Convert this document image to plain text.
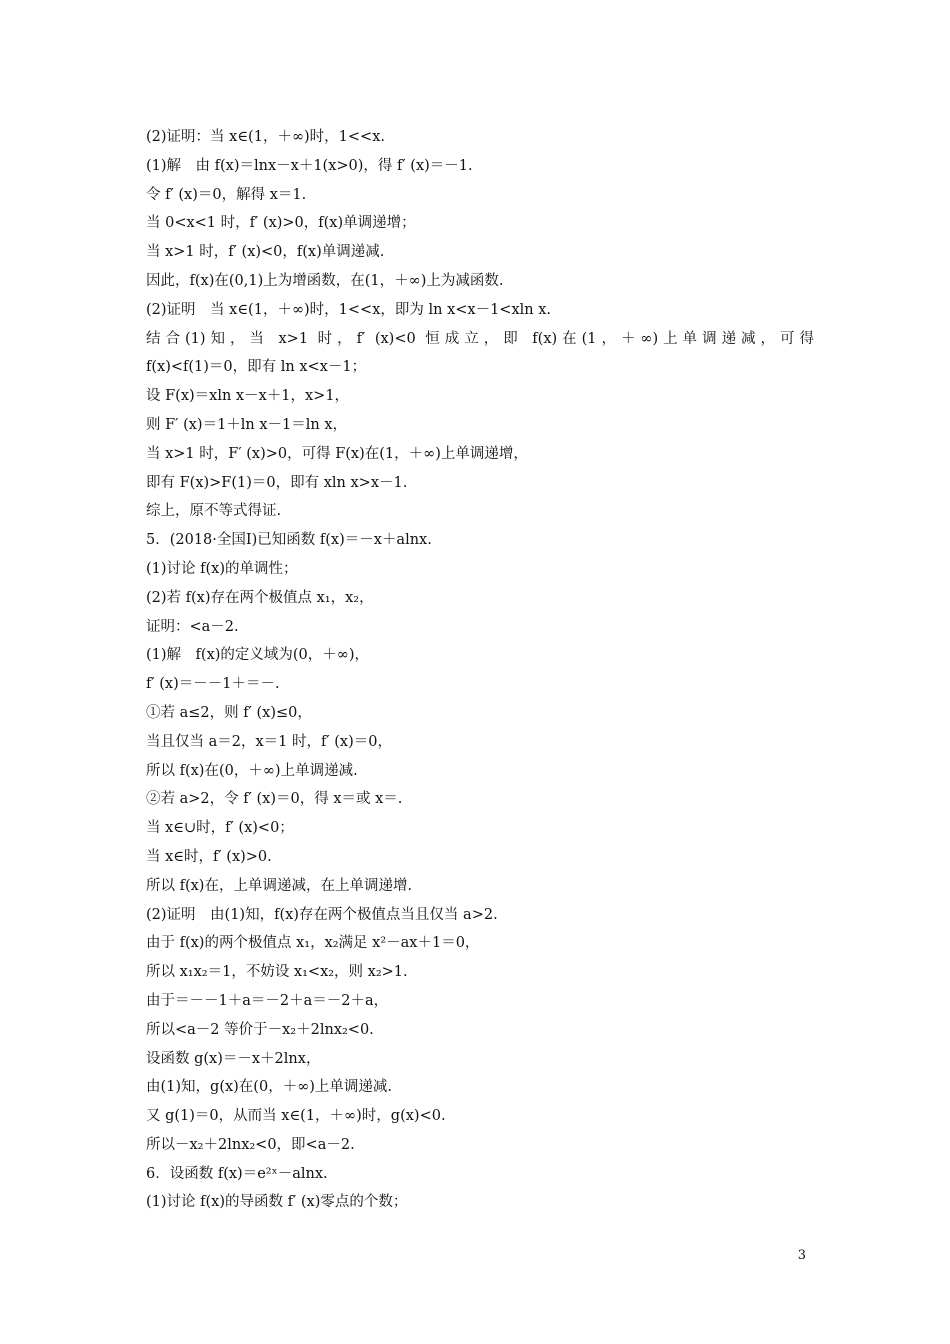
(2)证明：当 x∈(1，＋∞)时，1<<x.
(1)解　由 f(x)＝lnx－x＋1(x>0)，得 f′ (x)＝－1.
令 f′ (x)＝0，解得 x＝1.
当 0<x<1 时，f′ (x)>0，f(x)单调递增；
当 x>1 时，f′ (x)<0，f(x)单调递减.
因此，f(x)在(0,1)上为增函数，在(1，＋∞)上为减函数.
(2)证明　当 x∈(1，＋∞)时，1<<x，即为 ln x<x－1<xln x.
结合(1)知，当 x>1 时，f′ (x)<0 恒成立，即 f(x)在(1，＋∞)上单调递减，可得
f(x)<f(1)＝0，即有 ln x<x－1；
设 F(x)＝xln x－x＋1，x>1，
则 F′ (x)＝1＋ln x－1＝ln x，
当 x>1 时，F′ (x)>0，可得 F(x)在(1，＋∞)上单调递增，
即有 F(x)>F(1)＝0，即有 xln x>x－1.
综上，原不等式得证.
5．(2018·全国Ⅰ)已知函数 f(x)＝－x＋alnx.
(1)讨论 f(x)的单调性；
(2)若 f(x)存在两个极值点 x₁，x₂，
证明：<a－2.
(1)解　f(x)的定义域为(0，＋∞)，
f′ (x)＝－－1＋＝－.
①若 a≤2，则 f′ (x)≤0，
当且仅当 a＝2，x＝1 时，f′ (x)＝0，
所以 f(x)在(0，＋∞)上单调递减.
②若 a>2，令 f′ (x)＝0，得 x＝或 x＝.
当 x∈∪时，f′ (x)<0；
当 x∈时，f′ (x)>0.
所以 f(x)在，上单调递减，在上单调递增.
(2)证明　由(1)知，f(x)存在两个极值点当且仅当 a>2.
由于 f(x)的两个极值点 x₁，x₂满足 x²－ax＋1＝0，
所以 x₁x₂＝1，不妨设 x₁<x₂，则 x₂>1.
由于＝－－1＋a＝－2＋a＝－2＋a，
所以<a－2 等价于－x₂＋2lnx₂<0.
设函数 g(x)＝－x＋2lnx，
由(1)知，g(x)在(0，＋∞)上单调递减.
又 g(1)＝0，从而当 x∈(1，＋∞)时，g(x)<0.
所以－x₂＋2lnx₂<0，即<a－2.
6．设函数 f(x)＝e²ˣ－alnx.
(1)讨论 f(x)的导函数 f′ (x)零点的个数；
3
